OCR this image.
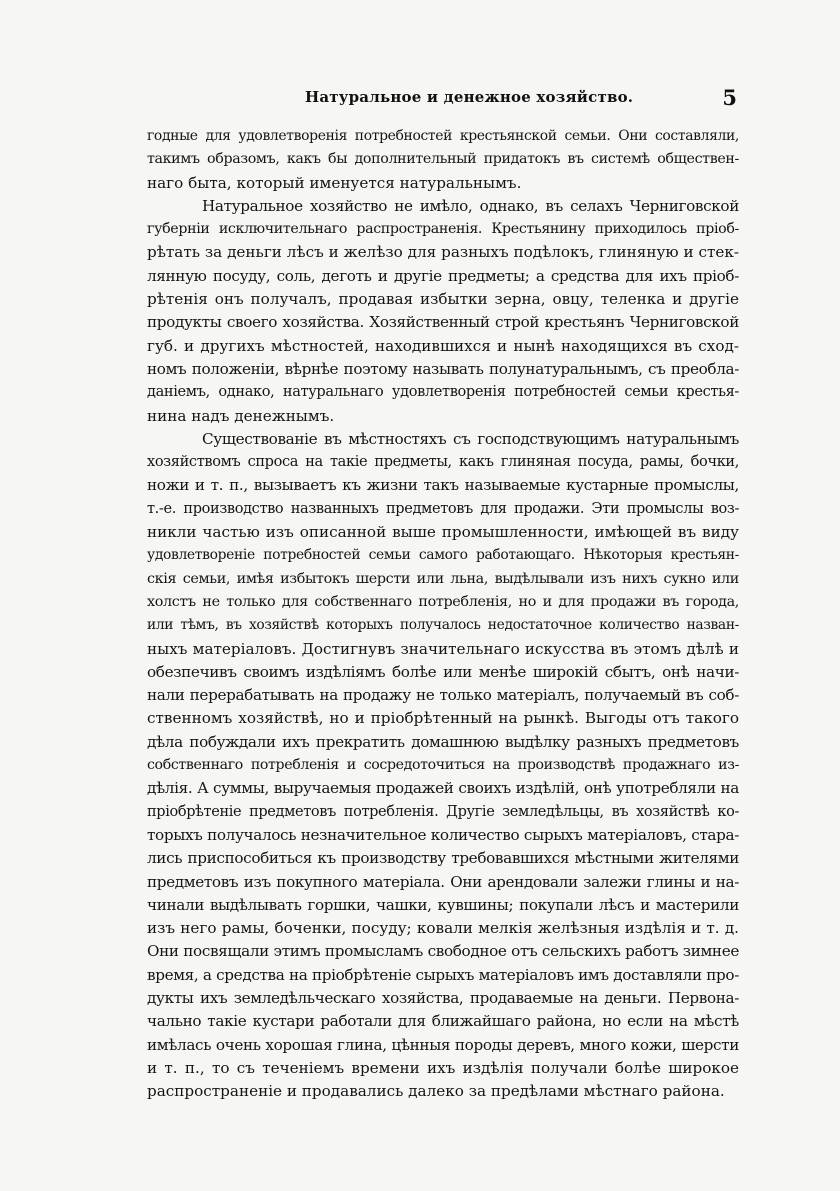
Натуральное и денежное хозяйство.	5
годные для удовлетворенія потребностей крестьянской семьи. Они составляли,
такимъ образомъ, какъ бы дополнительный придатокъ въ системѣ обществен-
наго быта, который именуется натуральнымъ.
Натуральное хозяйство не имѣло, однако, въ селахъ Черниговской
губерніи исключительнаго распространенія. Крестьянину приходилось пріоб-
рѣтать за деньги лѣсъ и желѣзо для разныхъ подѣлокъ, глиняную и стек-
лянную посуду, соль, деготь и другіе предметы; а средства для ихъ пріоб-
рѣтенія онъ получалъ, продавая избытки зерна, овцу, теленка и другіе
продукты своего хозяйства. Хозяйственный строй крестьянъ Черниговской
губ. и другихъ мѣстностей, находившихся и нынѣ находящихся въ сход-
номъ положеніи, вѣрнѣе поэтому называть полунатуральнымъ, съ преобла-
даніемъ, однако, натуральнаго удовлетворенія потребностей семьи крестья-
нина надъ денежнымъ.
Существованіе въ мѣстностяхъ съ господствующимъ натуральнымъ
хозяйствомъ спроса на такіе предметы, какъ глиняная посуда, рамы, бочки,
ножи и т. п., вызываетъ къ жизни такъ называемые кустарные промыслы,
т.-е. производство названныхъ предметовъ для продажи. Эти промыслы воз-
никли частью изъ описанной выше промышленности, имѣющей въ виду
удовлетвореніе потребностей семьи самого работающаго. Нѣкоторыя крестьян-
скія семьи, имѣя избытокъ шерсти или льна, выдѣлывали изъ нихъ сукно или
холстъ не только для собственнаго потребленія, но и для продажи въ города,
или тѣмъ, въ хозяйствѣ которыхъ получалось недостаточное количество назван-
ныхъ матеріаловъ. Достигнувъ значительнаго искусства въ этомъ дѣлѣ и
обезпечивъ своимъ издѣліямъ болѣе или менѣе широкій сбытъ, онѣ начи-
нали перерабатывать на продажу не только матеріалъ, получаемый въ соб-
ственномъ хозяйствѣ, но и пріобрѣтенный на рынкѣ. Выгоды отъ такого
дѣла побуждали ихъ прекратить домашнюю выдѣлку разныхъ предметовъ
собственнаго потребленія и сосредоточиться на производствѣ продажнаго из-
дѣлія. А суммы, выручаемыя продажей своихъ издѣлій, онѣ употребляли на
пріобрѣтеніе предметовъ потребленія. Другіе земледѣльцы, въ хозяйствѣ ко-
торыхъ получалось незначительное количество сырыхъ матеріаловъ, стара-
лись приспособиться къ производству требовавшихся мѣстными жителями
предметовъ изъ покупного матеріала. Они арендовали залежи глины и на-
чинали выдѣлывать горшки, чашки, кувшины; покупали лѣсъ и мастерили
изъ него рамы, боченки, посуду; ковали мелкія желѣзныя издѣлія и т. д.
Они посвящали этимъ промысламъ свободное отъ сельскихъ работъ зимнее
время, а средства на пріобрѣтеніе сырыхъ матеріаловъ имъ доставляли про-
дукты ихъ земледѣльческаго хозяйства, продаваемые на деньги. Первона-
чально такіе кустари работали для ближайшаго района, но если на мѣстѣ
имѣлась очень хорошая глина, цѣнныя породы деревъ, много кожи, шерсти
и т. п., то съ теченіемъ времени ихъ издѣлія получали болѣе широкое
распространеніе и продавались далеко за предѣлами мѣстнаго района.
